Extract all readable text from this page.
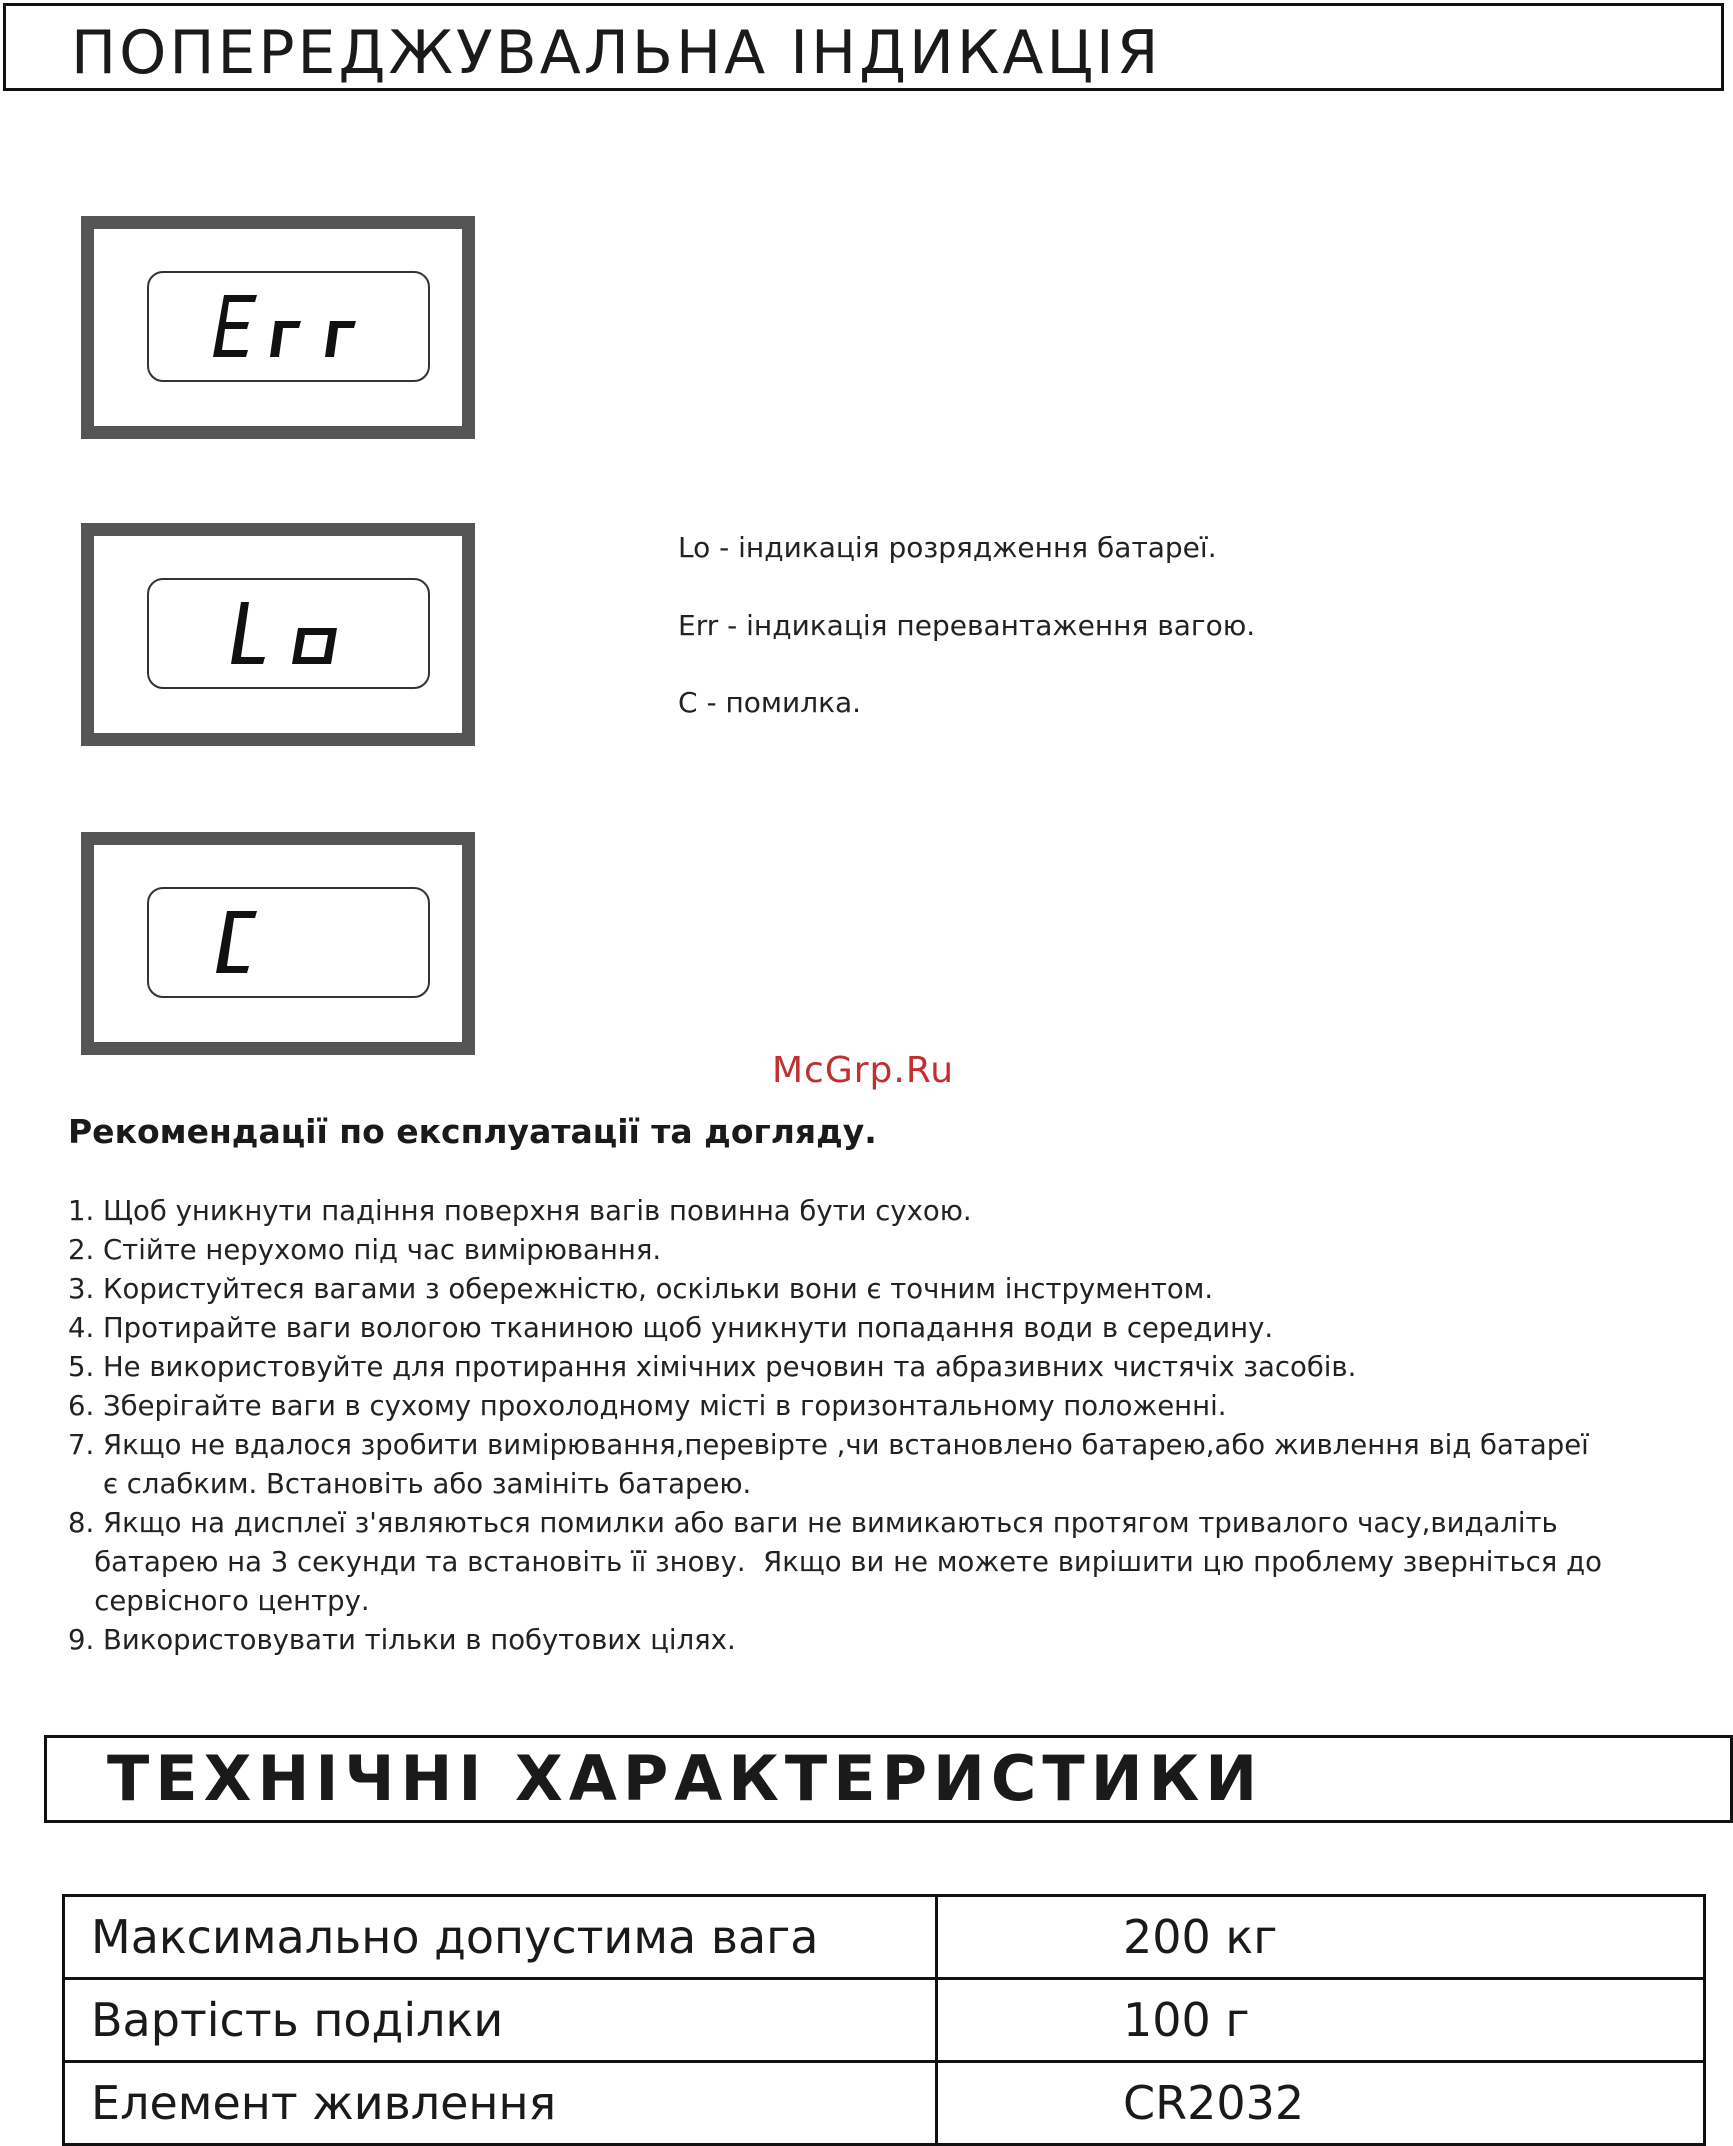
ПОПЕРЕДЖУВАЛЬНА ІНДИКАЦІЯ
Lo - індикація розрядження батареї.
Err - індикація перевантаження вагою.
C - помилка.
McGrp.Ru
Рекомендації по експлуатації та догляду.
1. Щоб уникнути падіння поверхня вагів повинна бути сухою.
2. Стійте нерухомо під час вимірювання.
3. Користуйтеся вагами з обережністю, оскільки вони є точним інструментом.
4. Протирайте ваги вологою тканиною щоб уникнути попадання води в середину.
5. Не використовуйте для протирання хімічних речовин та абразивних чистячіх засобів.
6. Зберігайте ваги в сухому прохолодному місті в горизонтальному положенні.
7. Якщо не вдалося зробити вимірювання,перевірте ,чи встановлено батарею,або живлення від батареї
є слабким. Встановіть або замініть батарею.
8. Якщо на дисплеї з'являються помилки або ваги не вимикаються протягом тривалого часу,видаліть
батарею на 3 секунди та встановіть її знову.  Якщо ви не можете вирішити цю проблему зверніться до
сервісного центру.
9. Використовувати тільки в побутових цілях.
ТЕХНІЧНІ ХАРАКТЕРИСТИКИ
Максимально допустима вага	200 кг
Вартість поділки	100 г
Елемент живлення	CR2032
